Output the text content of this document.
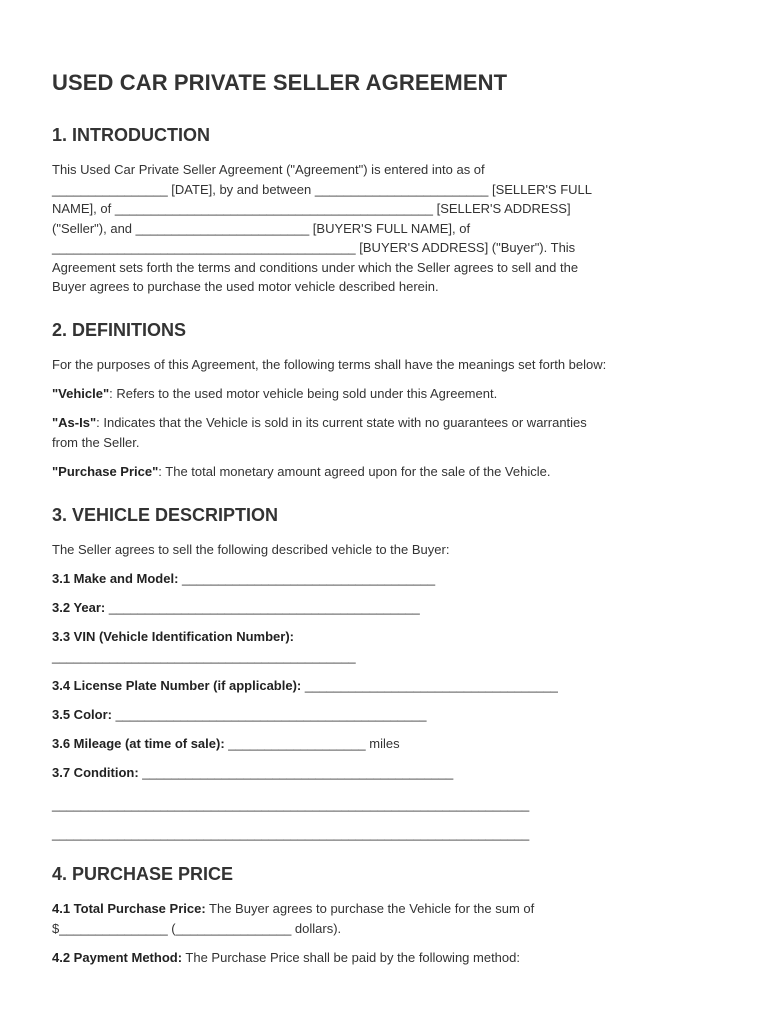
USED CAR PRIVATE SELLER AGREEMENT
1. INTRODUCTION
This Used Car Private Seller Agreement ("Agreement") is entered into as of
________________ [DATE], by and between ________________________ [SELLER'S FULL
NAME], of ____________________________________________ [SELLER'S ADDRESS]
("Seller"), and ________________________ [BUYER'S FULL NAME], of
__________________________________________ [BUYER'S ADDRESS] ("Buyer"). This
Agreement sets forth the terms and conditions under which the Seller agrees to sell and the
Buyer agrees to purchase the used motor vehicle described herein.
2. DEFINITIONS
For the purposes of this Agreement, the following terms shall have the meanings set forth below:
"Vehicle": Refers to the used motor vehicle being sold under this Agreement.
"As-Is": Indicates that the Vehicle is sold in its current state with no guarantees or warranties
from the Seller.
"Purchase Price": The total monetary amount agreed upon for the sale of the Vehicle.
3. VEHICLE DESCRIPTION
The Seller agrees to sell the following described vehicle to the Buyer:
3.1 Make and Model: ___________________________________
3.2 Year: ___________________________________________
3.3 VIN (Vehicle Identification Number):
__________________________________________
3.4 License Plate Number (if applicable): ___________________________________
3.5 Color: ___________________________________________
3.6 Mileage (at time of sale): ___________________ miles
3.7 Condition: ___________________________________________
__________________________________________________________________
__________________________________________________________________
4. PURCHASE PRICE
4.1 Total Purchase Price: The Buyer agrees to purchase the Vehicle for the sum of
$_______________ (________________ dollars).
4.2 Payment Method: The Purchase Price shall be paid by the following method:
